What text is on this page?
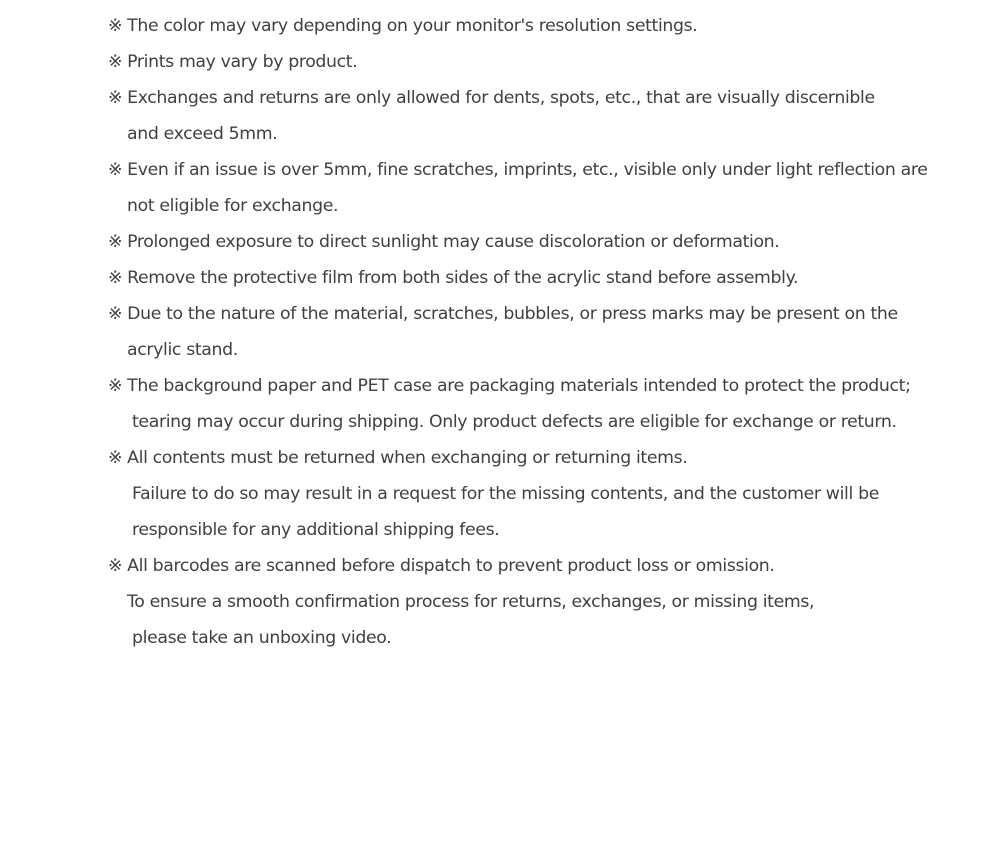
※ The color may vary depending on your monitor's resolution settings.
※ Prints may vary by product.
※ Exchanges and returns are only allowed for dents, spots, etc., that are visually discernible
and exceed 5mm.
※ Even if an issue is over 5mm, fine scratches, imprints, etc., visible only under light reflection are
not eligible for exchange.
※ Prolonged exposure to direct sunlight may cause discoloration or deformation.
※ Remove the protective film from both sides of the acrylic stand before assembly.
※ Due to the nature of the material, scratches, bubbles, or press marks may be present on the
acrylic stand.
※ The background paper and PET case are packaging materials intended to protect the product;
tearing may occur during shipping. Only product defects are eligible for exchange or return.
※ All contents must be returned when exchanging or returning items.
Failure to do so may result in a request for the missing contents, and the customer will be
responsible for any additional shipping fees.
※ All barcodes are scanned before dispatch to prevent product loss or omission.
To ensure a smooth confirmation process for returns, exchanges, or missing items,
please take an unboxing video.
